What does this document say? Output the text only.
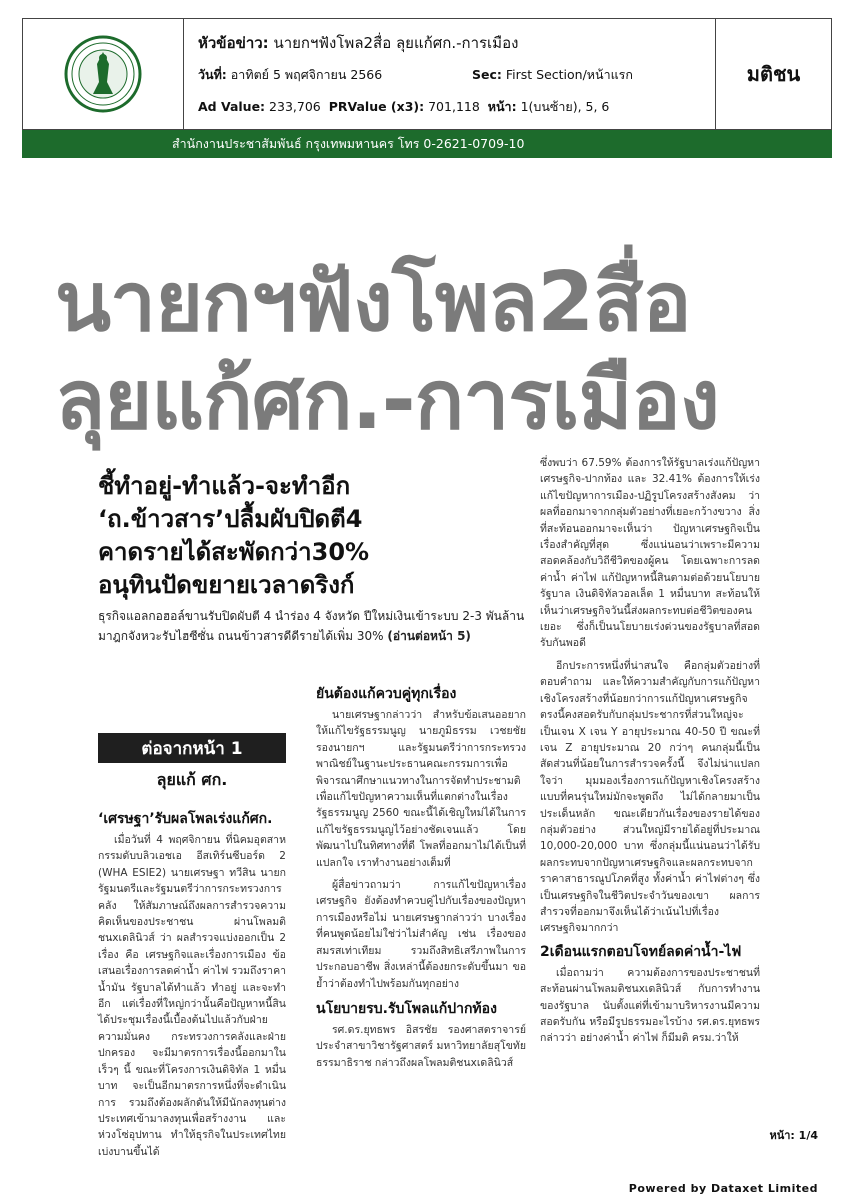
หัวข้อข่าว: นายกฯฟังโพล2สื่อ ลุยแก้ศก.-การเมือง
วันที่: อาทิตย์ 5 พฤศจิกายน 2566	Sec: First Section/หน้าแรก
Ad Value: 233,706 PRValue (x3): 701,118 หน้า: 1(บนซ้าย), 5, 6
มติชน
สำนักงานประชาสัมพันธ์ กรุงเทพมหานคร โทร 0-2621-0709-10
นายกฯฟังโพล2สื่อ
ลุยแก้ศก.-การเมือง
ชี้ทำอยู่-ทำแล้ว-จะทำอีก
‘ถ.ข้าวสาร’ปลื้มผับปิดตี4
คาดรายได้สะพัดกว่า30%
อนุทินปัดขยายเวลาดริงก์
ธุรกิจแอลกอฮอล์ขานรับปิดผับตี 4 นำร่อง 4 จังหวัด ปีใหม่เงินเข้าระบบ 2-3 พันล้าน มาฎกจังหวะรับไฮซีซั่น ถนนข้าวสารดีดีรายได้เพิ่ม 30% (อ่านต่อหน้า 5)
ต่อจากหน้า 1
ลุยแก้ ศก.
‘เศรษฐา’รับผลโพลเร่งแก้ศก.

เมื่อวันที่ 4 พฤศจิกายน ที่นิคมอุตสาหกรรมดับบลิวเอชเอ อีสเทิร์นซีบอร์ด 2 (WHA ESIE2) นายเศรษฐา ทวีสิน นายกรัฐมนตรีและรัฐมนตรีว่าการกระทรวงการคลัง ให้สัมภาษณ์ถึงผลการสำรวจความคิดเห็นของประชาชน ผ่านโพลมติชนxเดลินิวส์ ว่า ผลสำรวจแบ่งออกเป็น 2 เรื่อง คือ เศรษฐกิจและเรื่องการเมือง ข้อเสนอเรื่องการลดค่าน้ำ ค่าไฟ รวมถึงราคาน้ำมัน รัฐบาลได้ทำแล้ว ทำอยู่ และจะทำอีก แต่เรื่องที่ใหญ่กว่านั้นคือปัญหาหนี้สิน ได้ประชุมเรื่องนี้เบื้องต้นไปแล้วกับฝ่ายความมั่นคง กระทรวงการคลังและฝ่ายปกครอง จะมีมาตรการเรื่องนี้ออกมาในเร็วๆ นี้ ขณะที่โครงการเงินดิจิทัล 1 หมื่นบาท จะเป็นอีกมาตรการหนึ่งที่จะดำเนินการ รวมถึงต้องผลักดันให้มีนักลงทุนต่างประเทศเข้ามาลงทุนเพื่อสร้างงาน และห่วงโซ่อุปทาน ทำให้ธุรกิจในประเทศไทยเบ่งบานขึ้นได้

ยันต้องแก้ควบคู่ทุกเรื่อง

นายเศรษฐากล่าวว่า สำหรับข้อเสนออยากให้แก้ไขรัฐธรรมนูญ นายภูมิธรรม เวชยชัย รองนายกฯ และรัฐมนตรีว่าการกระทรวงพาณิชย์ในฐานะประธานคณะกรรมการเพื่อพิจารณาศึกษาแนวทางในการจัดทำประชามติ เพื่อแก้ไขปัญหาความเห็นที่แตกต่างในเรื่องรัฐธรรมนูญ 2560 ขณะนี้ได้เชิญใหม่ได้ในการแก้ไขรัฐธรรมนูญไว้อย่างชัดเจนแล้ว โดยพัฒนาไปในทิศทางที่ดี โพลที่ออกมาไม่ได้เป็นที่แปลกใจ เราทำงานอย่างเต็มที่

ผู้สื่อข่าวถามว่า การแก้ไขปัญหาเรื่องเศรษฐกิจ ยังต้องทำควบคู่ไปกับเรื่องของปัญหาการเมืองหรือไม่ นายเศรษฐากล่าวว่า บางเรื่องที่คนพูดน้อยไม่ใช่ว่าไม่สำคัญ เช่น เรื่องของสมรสเท่าเทียม รวมถึงสิทธิเสรีภาพในการประกอบอาชีพ สิ่งเหล่านี้ต้องยกระดับขึ้นมา ขอย้ำว่าต้องทำไปพร้อมกันทุกอย่าง

นโยบายรบ.รับโพลแก้ปากท้อง

รศ.ดร.ยุทธพร อิสรชัย รองศาสตราจารย์ประจำสาขาวิชารัฐศาสตร์ มหาวิทยาลัยสุโขทัยธรรมาธิราช กล่าวถึงผลโพลมติชนxเดลินิวส์

ซึ่งพบว่า 67.59% ต้องการให้รัฐบาลเร่งแก้ปัญหาเศรษฐกิจ-ปากท้อง และ 32.41% ต้องการให้เร่งแก้ไขปัญหาการเมือง-ปฏิรูปโครงสร้างสังคม ว่าผลที่ออกมาจากกลุ่มตัวอย่างที่เยอะกว้างขวาง สิ่งที่สะท้อนออกมาจะเห็นว่า ปัญหาเศรษฐกิจเป็นเรื่องสำคัญที่สุด ซึ่งแน่นอนว่าเพราะมีความสอดคล้องกับวิถีชีวิตของผู้คน โดยเฉพาะการลดค่าน้ำ ค่าไฟ แก้ปัญหาหนี้สินตามต่อด้วยนโยบายรัฐบาล เงินดิจิทัลวอลเล็ต 1 หมื่นบาท สะท้อนให้เห็นว่าเศรษฐกิจวันนี้ส่งผลกระทบต่อชีวิตของคนเยอะ ซึ่งก็เป็นนโยบายเร่งด่วนของรัฐบาลที่สอดรับกันพอดี

อีกประการหนึ่งที่น่าสนใจ คือกลุ่มตัวอย่างที่ตอบคำถาม และให้ความสำคัญกับการแก้ปัญหาเชิงโครงสร้างที่น้อยกว่าการแก้ปัญหาเศรษฐกิจตรงนี้คงสอดรับกับกลุ่มประชากรที่ส่วนใหญ่จะเป็นเจน X เจน Y อายุประมาณ 40-50 ปี ขณะที่เจน Z อายุประมาณ 20 กว่าๆ คนกลุ่มนี้เป็นสัดส่วนที่น้อยในการสำรวจครั้งนี้ จึงไม่น่าแปลกใจว่า มุมมองเรื่องการแก้ปัญหาเชิงโครงสร้างแบบที่คนรุ่นใหม่มักจะพูดถึง ไม่ได้กลายมาเป็นประเด็นหลัก ขณะเดียวกันเรื่องของรายได้ของกลุ่มตัวอย่าง ส่วนใหญ่มีรายได้อยู่ที่ประมาณ 10,000-20,000 บาท ซึ่งกลุ่มนี้แน่นอนว่าได้รับผลกระทบจากปัญหาเศรษฐกิจและผลกระทบจากราคาสาธารณูปโภคที่สูง ทั้งค่าน้ำ ค่าไฟต่างๆ ซึ่งเป็นเศรษฐกิจในชีวิตประจำวันของเขา ผลการสำรวจที่ออกมาจึงเห็นได้ว่าเน้นไปที่เรื่องเศรษฐกิจมากกว่า

2เดือนแรกตอบโจทย์ลดค่าน้ำ-ไฟ

เมื่อถามว่า ความต้องการของประชาชนที่สะท้อนผ่านโพลมติชนxเดลินิวส์ กับการทำงานของรัฐบาล นับตั้งแต่ที่เข้ามาบริหารงานมีความสอดรับกัน หรือมีรูปธรรมอะไรบ้าง รศ.ดร.ยุทธพร กล่าวว่า อย่างค่าน้ำ ค่าไฟ ก็มีมติ ครม.ว่าให้

หน้า: 1/4
Powered by Dataxet Limited
